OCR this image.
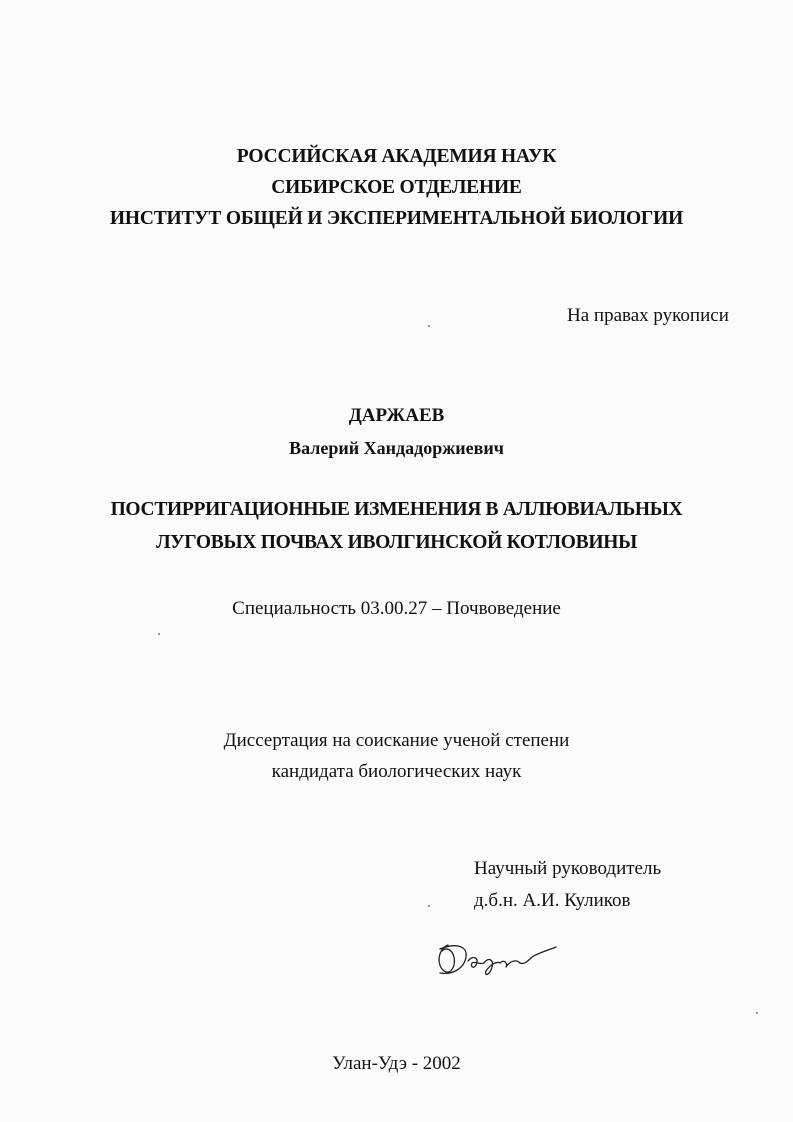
РОССИЙСКАЯ АКАДЕМИЯ НАУК
СИБИРСКОЕ ОТДЕЛЕНИЕ
ИНСТИТУТ ОБЩЕЙ И ЭКСПЕРИМЕНТАЛЬНОЙ БИОЛОГИИ
На правах рукописи
ДАРЖАЕВ
Валерий Хандадоржиевич
ПОСТИРРИГАЦИОННЫЕ ИЗМЕНЕНИЯ В АЛЛЮВИАЛЬНЫХ
ЛУГОВЫХ ПОЧВАХ ИВОЛГИНСКОЙ КОТЛОВИНЫ
Специальность 03.00.27 – Почвоведение
Диссертация на соискание ученой степени
кандидата биологических наук
Научный руководитель
д.б.н. А.И. Куликов
Улан-Удэ - 2002
